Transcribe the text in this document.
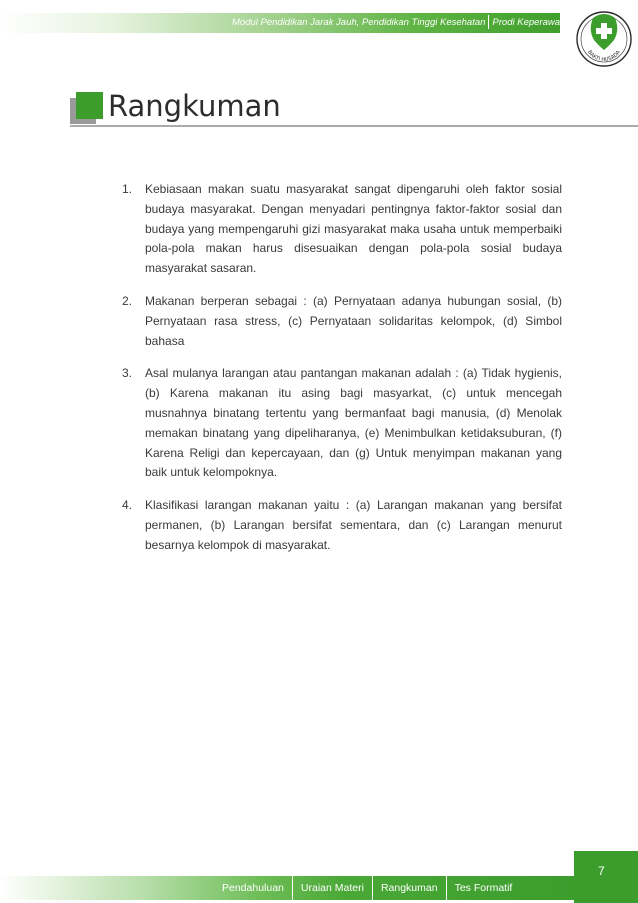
Modul Pendidikan Jarak Jauh, Pendidikan Tinggi Kesehatan Prodi Keperawatan
BAKTI HUSADA
Rangkuman
1.	Kebiasaan makan suatu masyarakat sangat dipengaruhi oleh faktor sosial budaya masyarakat. Dengan menyadari pentingnya faktor-faktor sosial dan budaya yang mempengaruhi gizi masyarakat maka usaha untuk memperbaiki pola-pola makan harus disesuaikan dengan pola-pola sosial budaya masyarakat sasaran.
2.	Makanan berperan sebagai : (a) Pernyataan adanya hubungan sosial, (b) Pernyataan rasa stress, (c) Pernyataan solidaritas kelompok, (d) Simbol bahasa
3.	Asal mulanya larangan atau pantangan makanan adalah : (a) Tidak hygienis, (b) Karena makanan itu asing bagi masyarkat, (c) untuk mencegah musnahnya binatang tertentu yang bermanfaat bagi manusia, (d) Menolak memakan binatang yang dipeliharanya, (e) Menimbulkan ketidaksuburan, (f) Karena Religi dan kepercayaan, dan (g) Untuk menyimpan makanan yang baik untuk kelompoknya.
4.	Klasifikasi larangan makanan yaitu : (a) Larangan makanan yang bersifat permanen, (b) Larangan bersifat sementara, dan (c) Larangan menurut besarnya kelompok di masyarakat.
7
Pendahuluan	Uraian Materi	Rangkuman	Tes Formatif
